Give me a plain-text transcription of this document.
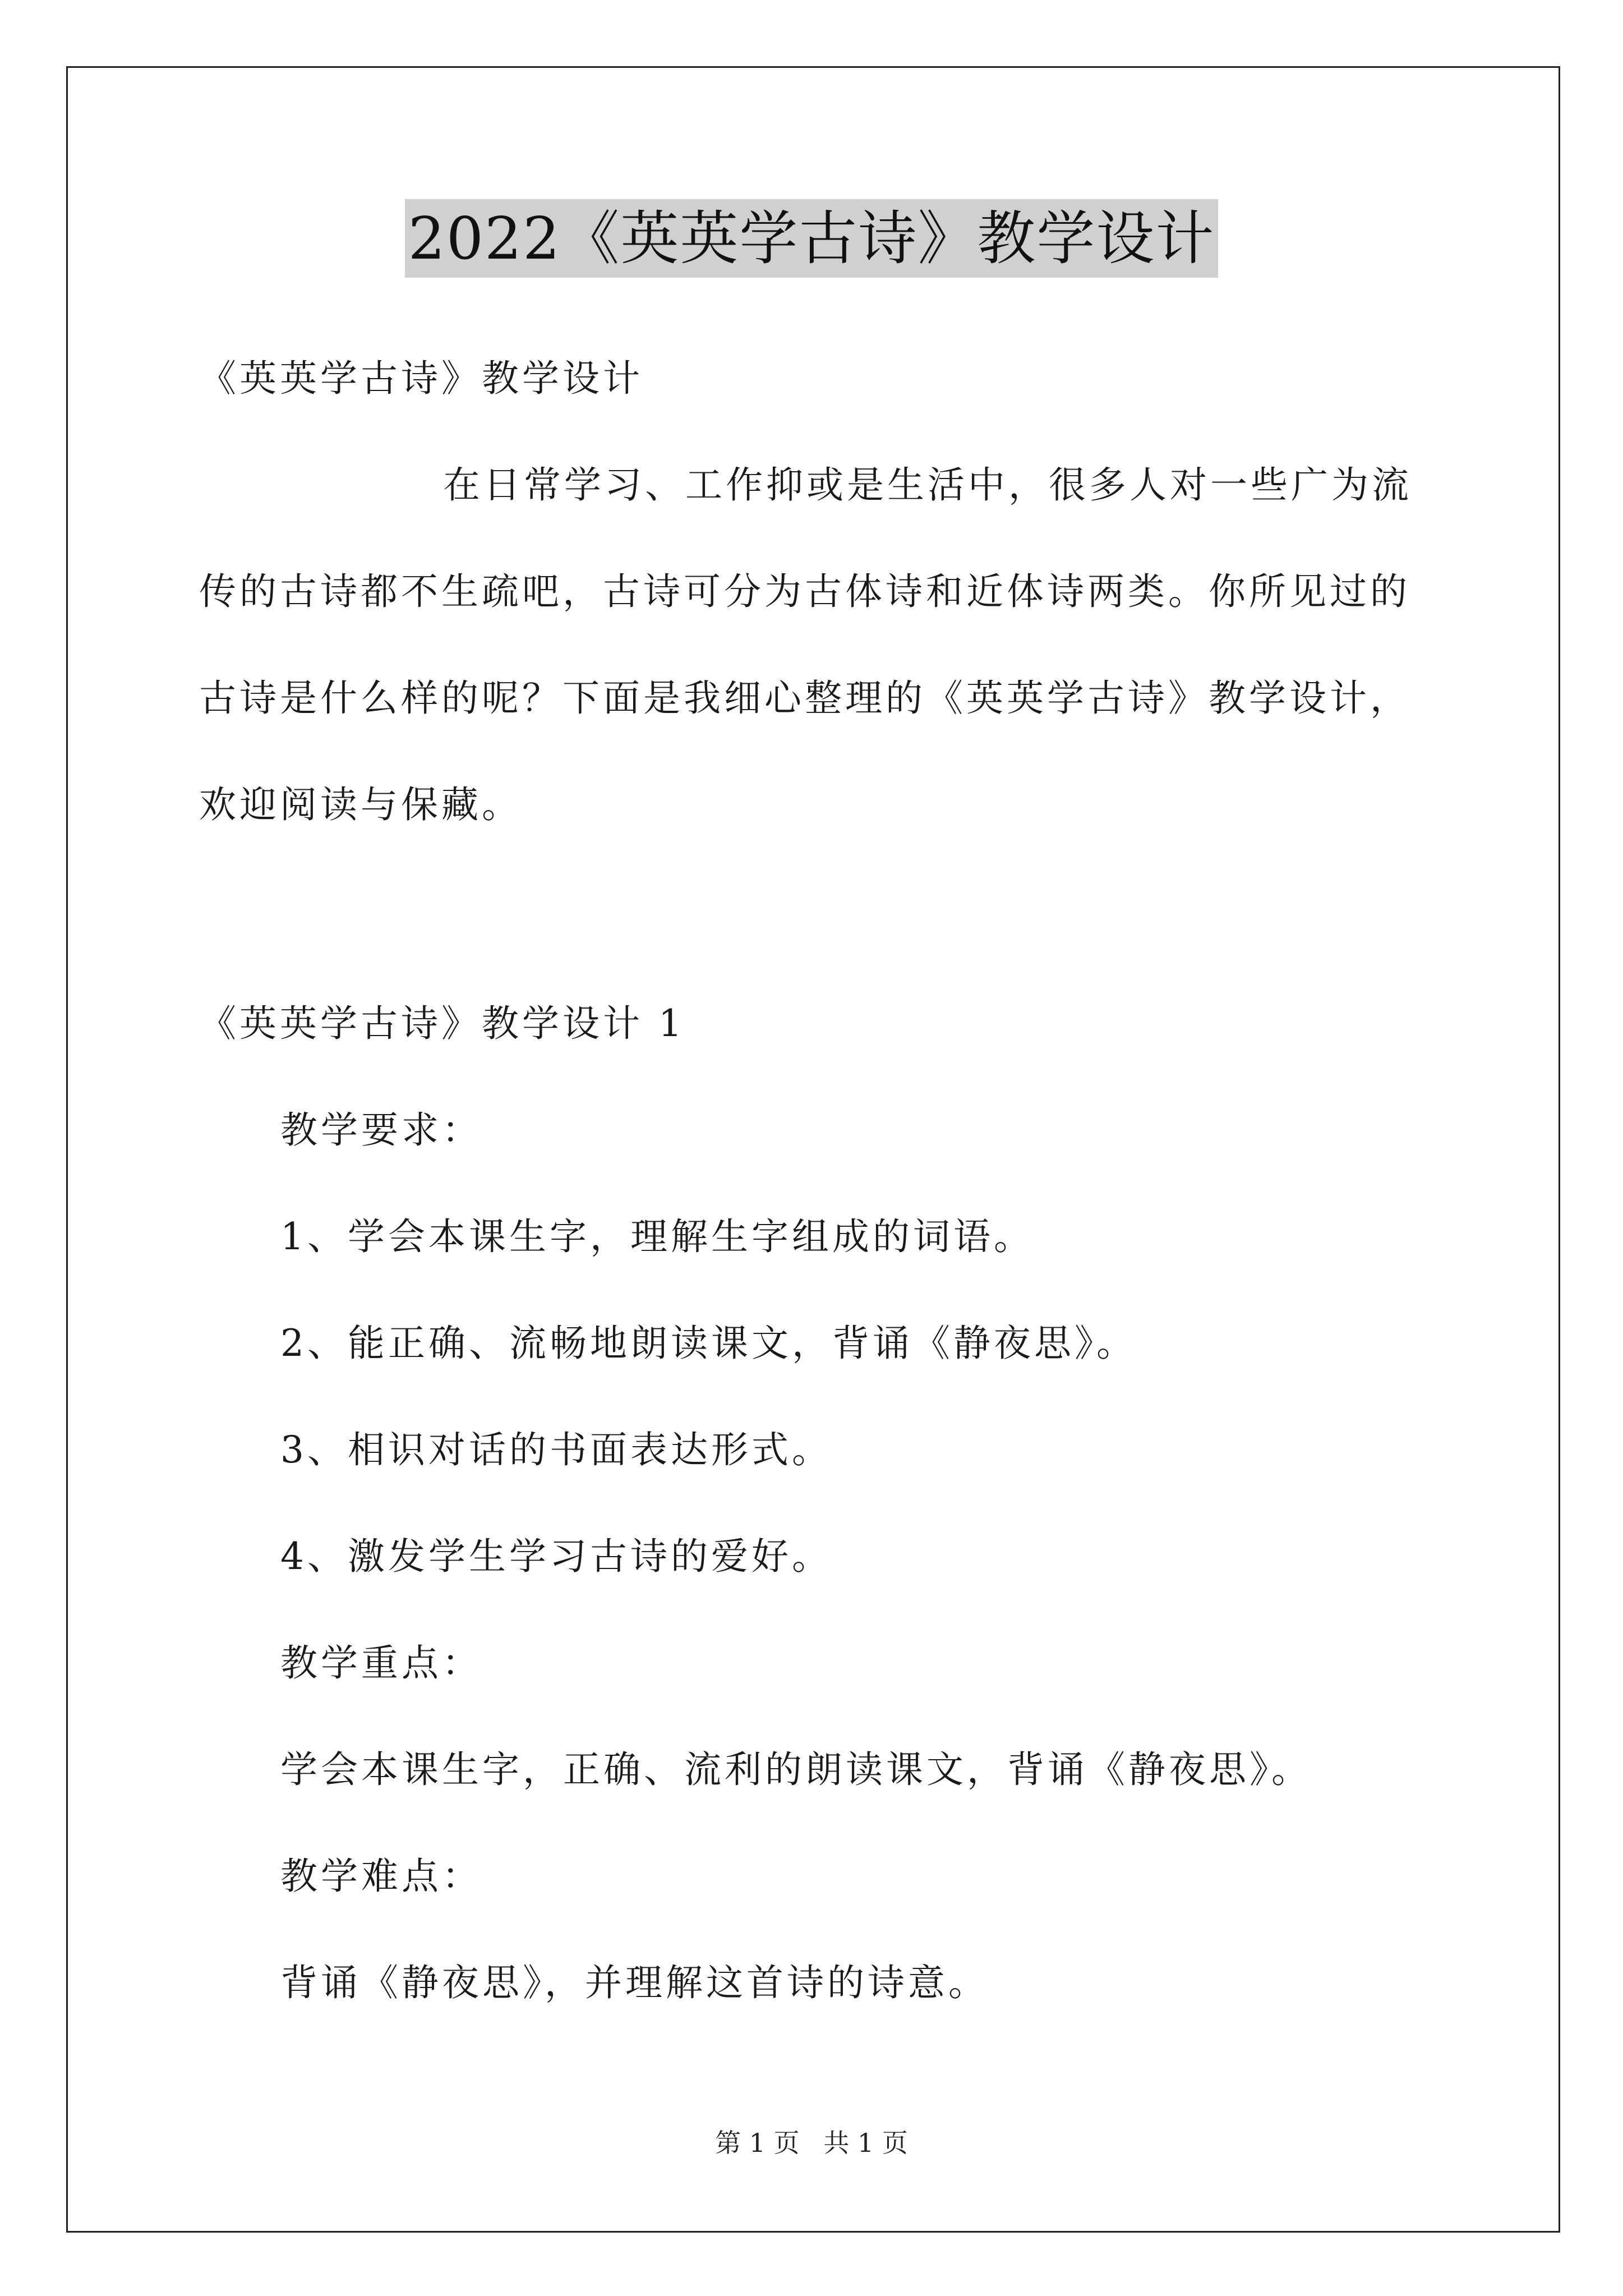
2022《英英学古诗》教学设计
《英英学古诗》教学设计
在日常学习、工作抑或是生活中，很多人对一些广为流
传的古诗都不生疏吧，古诗可分为古体诗和近体诗两类。你所见过的
古诗是什么样的呢？下面是我细心整理的《英英学古诗》教学设计，
欢迎阅读与保藏。
《英英学古诗》教学设计 1
教学要求：
1、学会本课生字，理解生字组成的词语。
2、能正确、流畅地朗读课文，背诵《静夜思》。
3、相识对话的书面表达形式。
4、激发学生学习古诗的爱好。
教学重点：
学会本课生字，正确、流利的朗读课文，背诵《静夜思》。
教学难点：
背诵《静夜思》，并理解这首诗的诗意。
第 1 页 共 1 页
